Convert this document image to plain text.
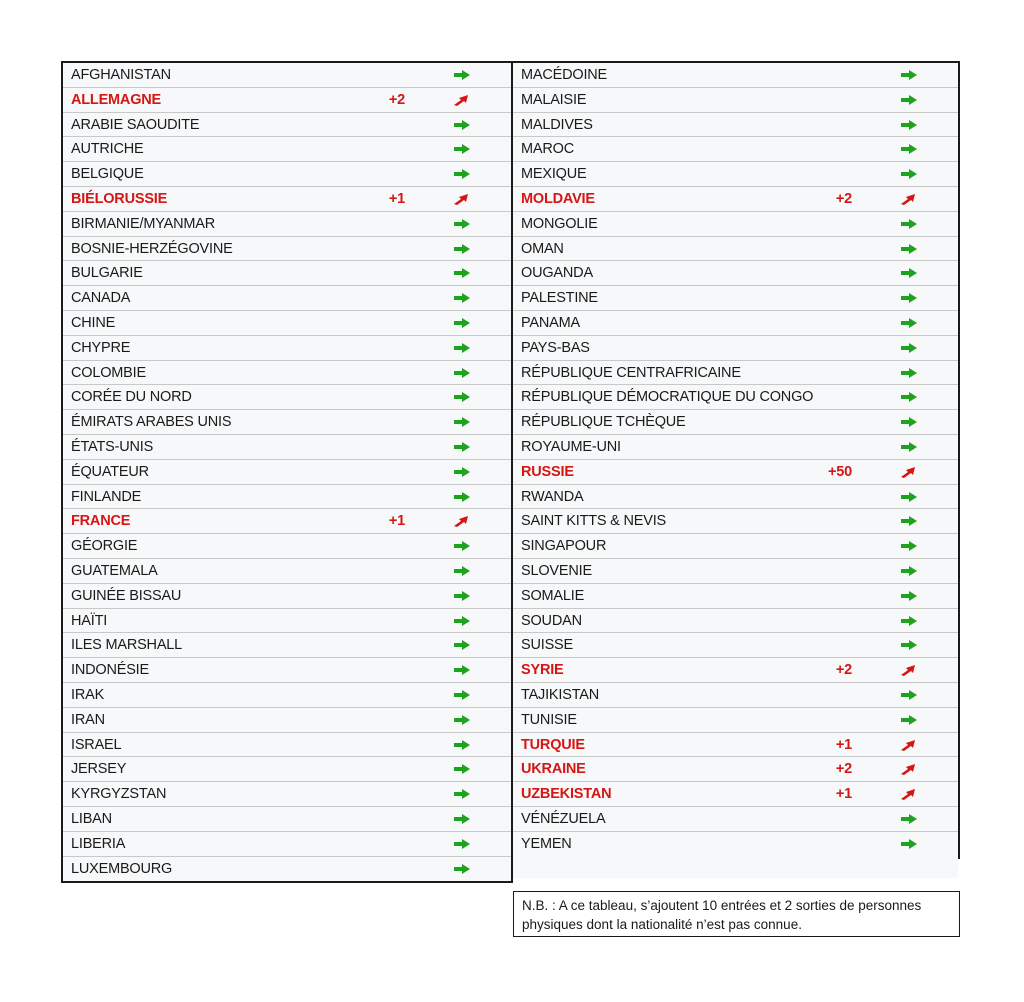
AFGHANISTAN
ALLEMAGNE	+2
ARABIE SAOUDITE
AUTRICHE
BELGIQUE
BIÉLORUSSIE	+1
BIRMANIE/MYANMAR
BOSNIE-HERZÉGOVINE
BULGARIE
CANADA
CHINE
CHYPRE
COLOMBIE
CORÉE DU NORD
ÉMIRATS ARABES UNIS
ÉTATS-UNIS
ÉQUATEUR
FINLANDE
FRANCE	+1
GÉORGIE
GUATEMALA
GUINÉE BISSAU
HAÏTI
ILES MARSHALL
INDONÉSIE
IRAK
IRAN
ISRAEL
JERSEY
KYRGYZSTAN
LIBAN
LIBERIA
LUXEMBOURG
MACÉDOINE
MALAISIE
MALDIVES
MAROC
MEXIQUE
MOLDAVIE	+2
MONGOLIE
OMAN
OUGANDA
PALESTINE
PANAMA
PAYS-BAS
RÉPUBLIQUE CENTRAFRICAINE
RÉPUBLIQUE DÉMOCRATIQUE DU CONGO
RÉPUBLIQUE TCHÈQUE
ROYAUME-UNI
RUSSIE	+50
RWANDA
SAINT KITTS & NEVIS
SINGAPOUR
SLOVENIE
SOMALIE
SOUDAN
SUISSE
SYRIE	+2
TAJIKISTAN
TUNISIE
TURQUIE	+1
UKRAINE	+2
UZBEKISTAN	+1
VÉNÉZUELA
YEMEN
N.B. : A ce tableau, s’ajoutent 10 entrées et 2 sorties de personnes
physiques dont la nationalité n’est pas connue.
